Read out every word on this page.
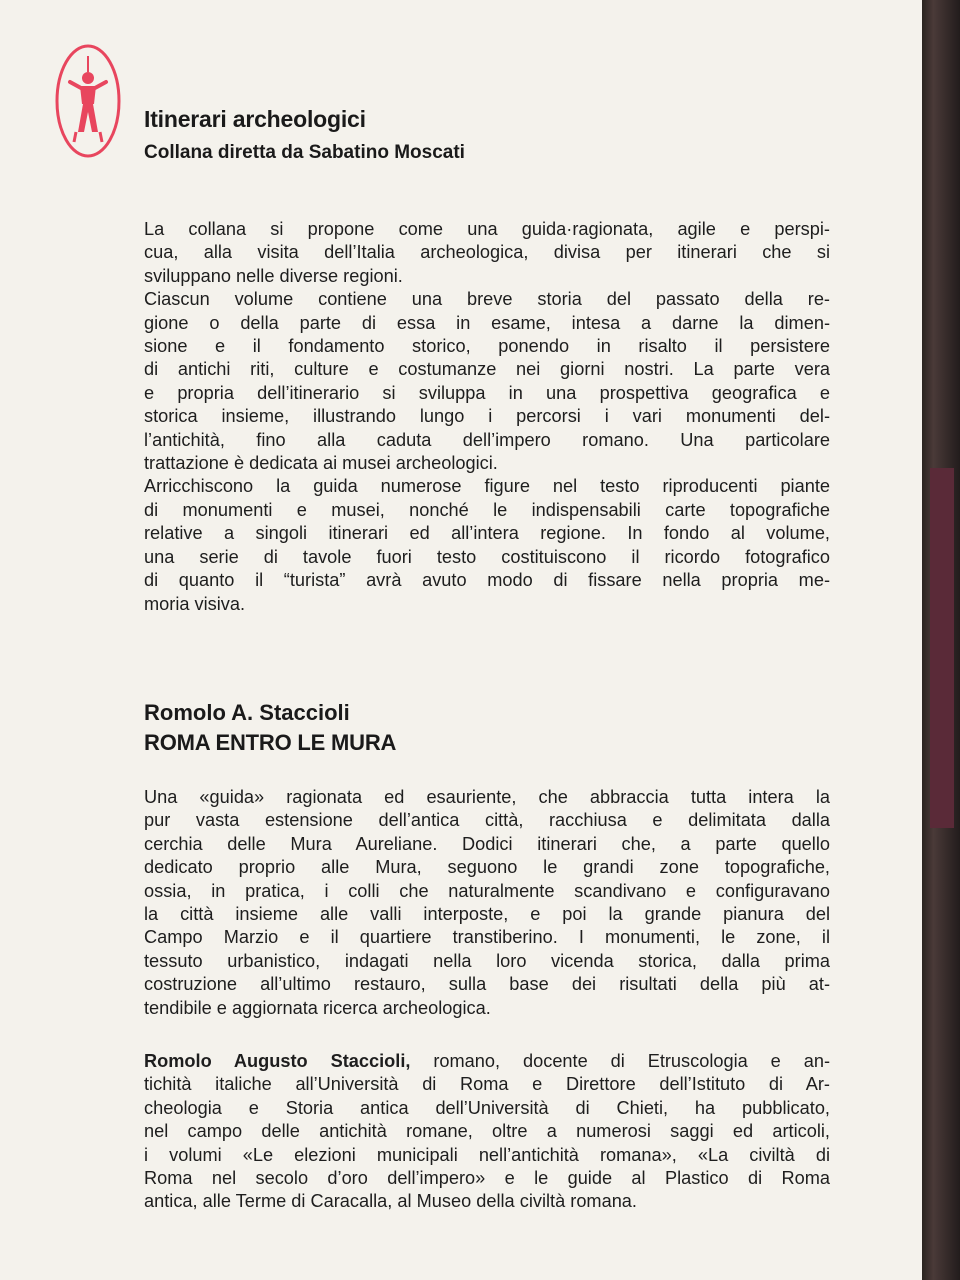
Itinerari archeologici
Collana diretta da Sabatino Moscati
La collana si propone come una guida·ragionata, agile e perspi-
cua, alla visita dell’Italia archeologica, divisa per itinerari che si
sviluppano nelle diverse regioni.
Ciascun volume contiene una breve storia del passato della re-
gione o della parte di essa in esame, intesa a darne la dimen-
sione e il fondamento storico, ponendo in risalto il persistere
di antichi riti, culture e costumanze nei giorni nostri. La parte vera
e propria dell’itinerario si sviluppa in una prospettiva geografica e
storica insieme, illustrando lungo i percorsi i vari monumenti del-
l’antichità, fino alla caduta dell’impero romano. Una particolare
trattazione è dedicata ai musei archeologici.
Arricchiscono la guida numerose figure nel testo riproducenti piante
di monumenti e musei, nonché le indispensabili carte topografiche
relative a singoli itinerari ed all’intera regione. In fondo al volume,
una serie di tavole fuori testo costituiscono il ricordo fotografico
di quanto il “turista” avrà avuto modo di fissare nella propria me-
moria visiva.
Romolo A. Staccioli
ROMA ENTRO LE MURA
Una «guida» ragionata ed esauriente, che abbraccia tutta intera la
pur vasta estensione dell’antica città, racchiusa e delimitata dalla
cerchia delle Mura Aureliane. Dodici itinerari che, a parte quello
dedicato proprio alle Mura, seguono le grandi zone topografiche,
ossia, in pratica, i colli che naturalmente scandivano e configuravano
la città insieme alle valli interposte, e poi la grande pianura del
Campo Marzio e il quartiere transtiberino. I monumenti, le zone, il
tessuto urbanistico, indagati nella loro vicenda storica, dalla prima
costruzione all’ultimo restauro, sulla base dei risultati della più at-
tendibile e aggiornata ricerca archeologica.
Romolo Augusto Staccioli, romano, docente di Etruscologia e an-
tichità italiche all’Università di Roma e Direttore dell’Istituto di Ar-
cheologia e Storia antica dell’Università di Chieti, ha pubblicato,
nel campo delle antichità romane, oltre a numerosi saggi ed articoli,
i volumi «Le elezioni municipali nell’antichità romana», «La civiltà di
Roma nel secolo d’oro dell’impero» e le guide al Plastico di Roma
antica, alle Terme di Caracalla, al Museo della civiltà romana.
